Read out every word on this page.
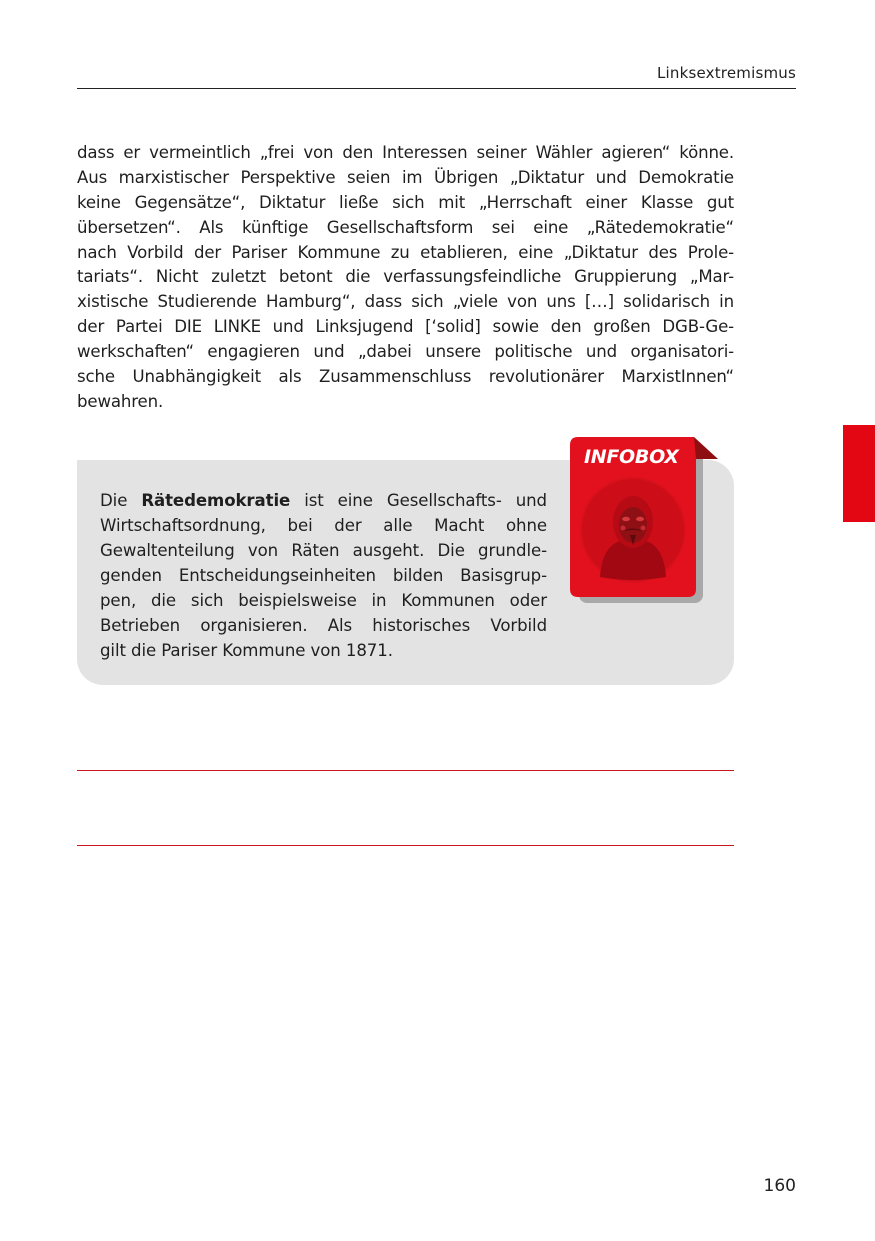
Linksextremismus
dass er vermeintlich „frei von den Interessen seiner Wähler agieren“ könne.
Aus marxistischer Perspektive seien im Übrigen „Diktatur und Demokratie
keine Gegensätze“, Diktatur ließe sich mit „Herrschaft einer Klasse gut
übersetzen“. Als künftige Gesellschaftsform sei eine „Rätedemokratie“
nach Vorbild der Pariser Kommune zu etablieren, eine „Diktatur des Prole-
tariats“. Nicht zuletzt betont die verfassungsfeindliche Gruppierung „Mar-
xistische Studierende Hamburg“, dass sich „viele von uns […] solidarisch in
der Partei DIE LINKE und Linksjugend [‘solid] sowie den großen DGB-Ge-
werkschaften“ engagieren und „dabei unsere politische und organisatori-
sche Unabhängigkeit als Zusammenschluss revolutionärer MarxistInnen“
bewahren.
Die Rätedemokratie ist eine Gesellschafts- und
Wirtschaftsordnung, bei der alle Macht ohne
Gewaltenteilung von Räten ausgeht. Die grundle-
genden Entscheidungseinheiten bilden Basisgrup-
pen, die sich beispielsweise in Kommunen oder
Betrieben organisieren. Als historisches Vorbild
gilt die Pariser Kommune von 1871.
INFOBOX
160
